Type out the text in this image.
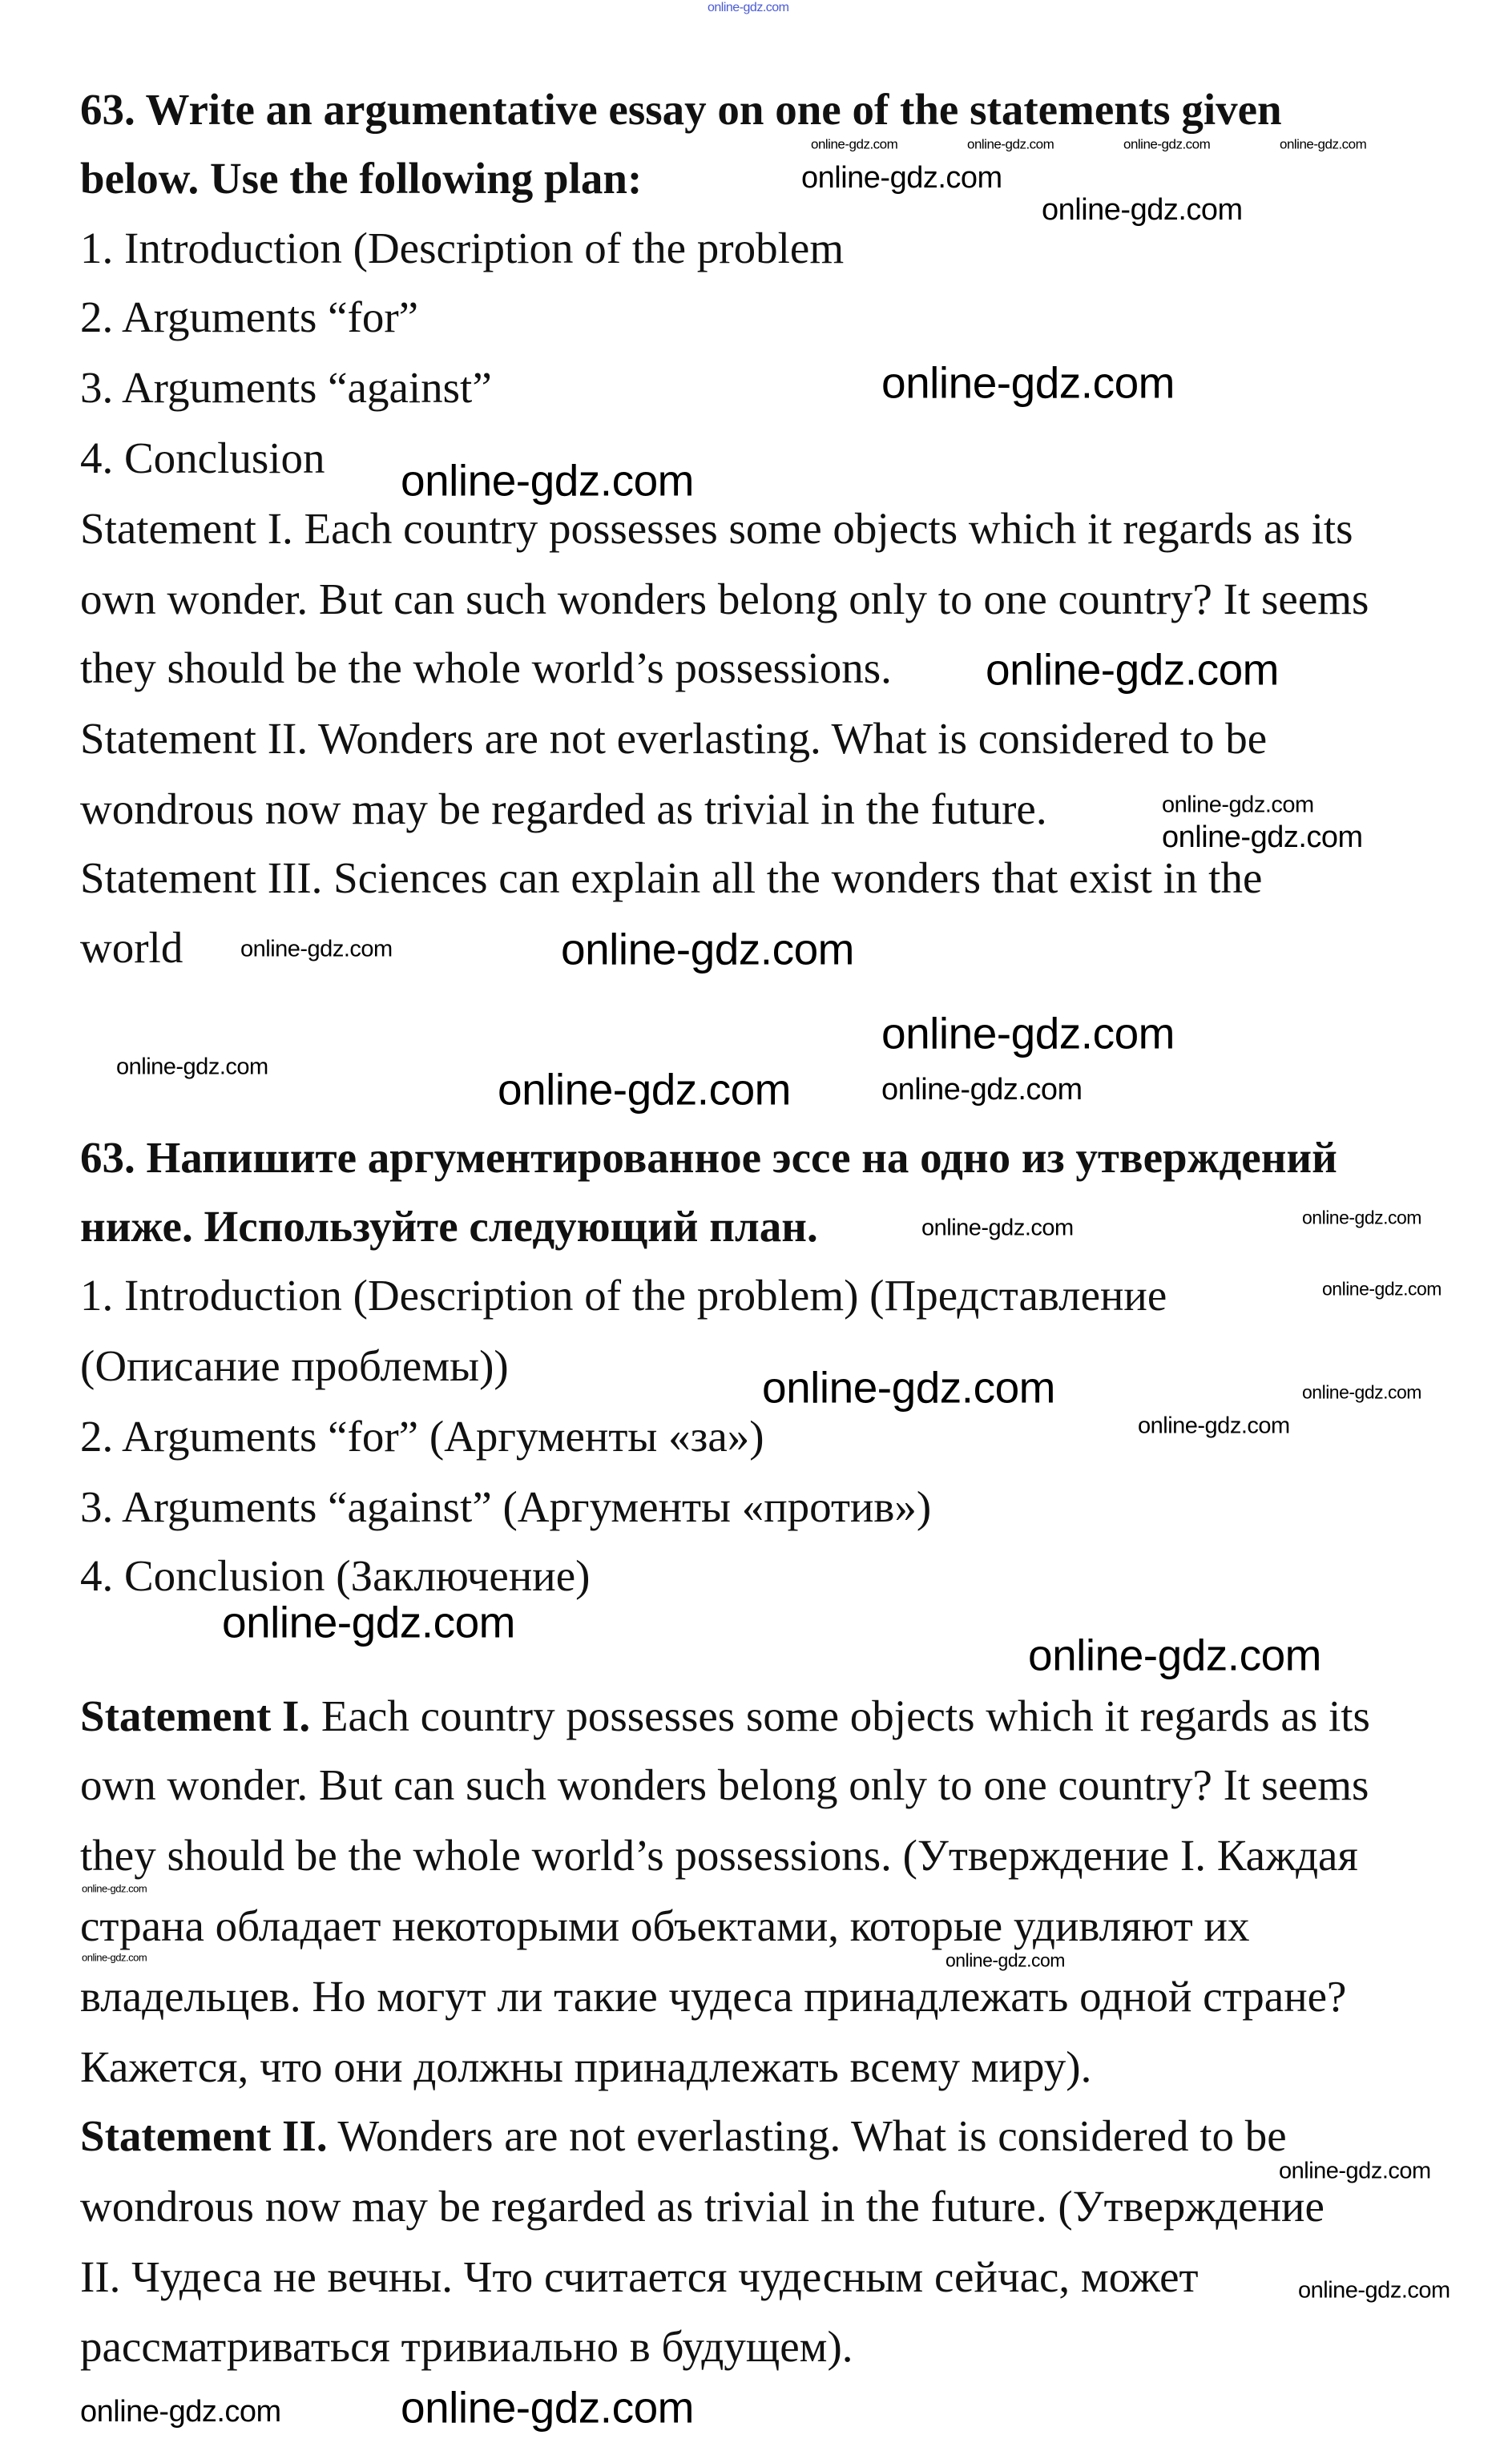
63. Write an argumentative essay on one of the statements given
below. Use the following plan:
1. Introduction (Description of the problem
2. Arguments “for”
3. Arguments “against”
4. Conclusion
Statement I. Each country possesses some objects which it regards as its
own wonder. But can such wonders belong only to one country? It seems
they should be the whole world’s possessions.
Statement II. Wonders are not everlasting. What is considered to be
wondrous now may be regarded as trivial in the future.
Statement III. Sciences can explain all the wonders that exist in the
world
63. Напишите аргументированное эссе на одно из утверждений
ниже. Используйте следующий план.
1. Introduction (Description of the problem) (Представление
(Описание проблемы))
2. Arguments “for” (Аргументы «за»)
3. Arguments “against” (Аргументы «против»)
4. Conclusion (Заключение)
Statement I. Each country possesses some objects which it regards as its
own wonder. But can such wonders belong only to one country? It seems
they should be the whole world’s possessions. (Утверждение I. Каждая
страна обладает некоторыми объектами, которые удивляют их
владельцев. Но могут ли такие чудеса принадлежать одной стране?
Кажется, что они должны принадлежать всему миру).
Statement II. Wonders are not everlasting. What is considered to be
wondrous now may be regarded as trivial in the future. (Утверждение
II. Чудеса не вечны. Что считается чудесным сейчас, может
рассматриваться тривиально в будущем).
online-gdz.com
online-gdz.com
online-gdz.com	online-gdz.com	online-gdz.com	online-gdz.com
online-gdz.com
online-gdz.com
online-gdz.com
online-gdz.com
online-gdz.com
online-gdz.com
online-gdz.com	online-gdz.com
online-gdz.com	online-gdz.com
online-gdz.com	online-gdz.com
online-gdz.com
online-gdz.com
online-gdz.com	online-gdz.com
online-gdz.com
online-gdz.com
online-gdz.com
online-gdz.com
online-gdz.com	online-gdz.com
online-gdz.com
online-gdz.com
online-gdz.com
online-gdz.com
online-gdz.com
